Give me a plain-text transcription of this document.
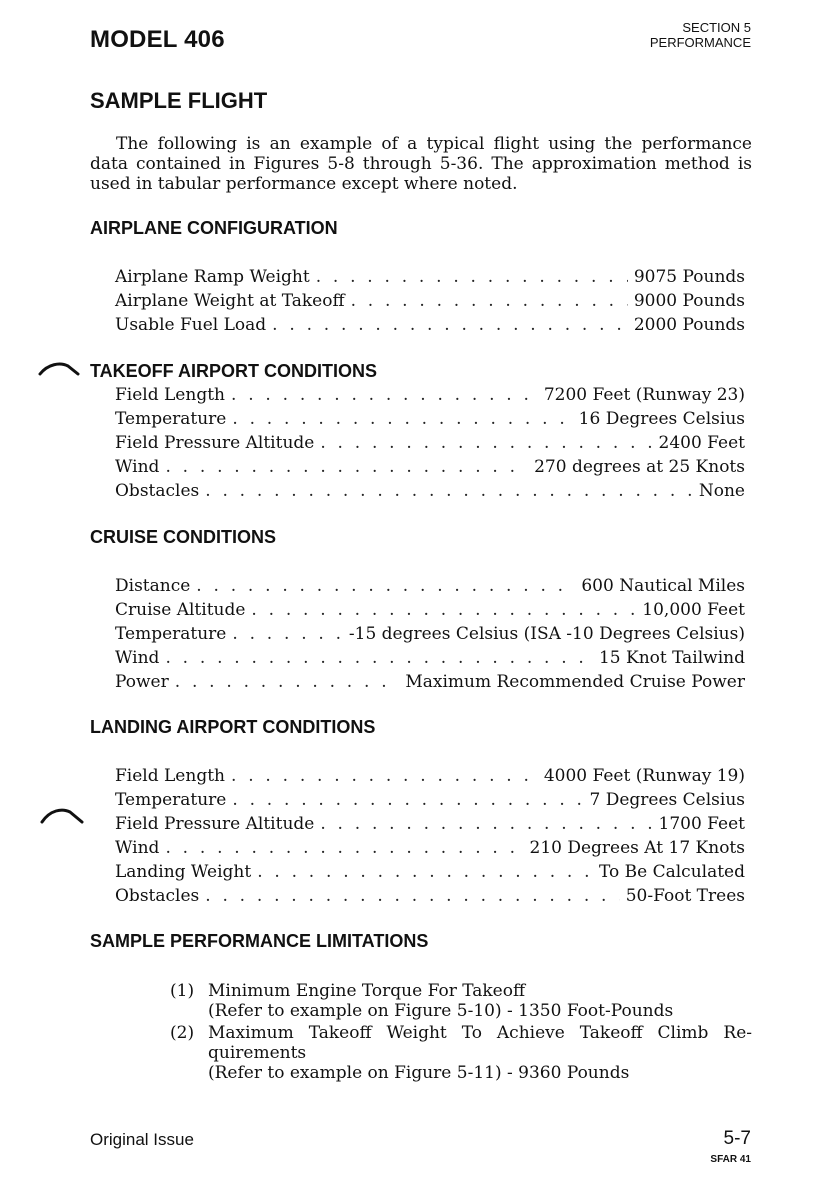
MODEL 406	SECTION 5
PERFORMANCE
SAMPLE FLIGHT
The following is an example of a typical flight using the performance data contained in Figures 5-8 through 5-36. The approximation method is used in tabular performance except where noted.
AIRPLANE CONFIGURATION
Airplane Ramp Weight . . .	9075 Pounds
Airplane Weight at Takeoff . . .	9000 Pounds
Usable Fuel Load . . .	2000 Pounds
TAKEOFF AIRPORT CONDITIONS
Field Length . . .	7200 Feet (Runway 23)
Temperature . . .	16 Degrees Celsius
Field Pressure Altitude . . .	2400 Feet
Wind . . .	270 degrees at 25 Knots
Obstacles . . .	None
CRUISE CONDITIONS
Distance . . .	600 Nautical Miles
Cruise Altitude . . .	10,000 Feet
Temperature . . .	-15 degrees Celsius (ISA -10 Degrees Celsius)
Wind . . .	15 Knot Tailwind
Power . . .	Maximum Recommended Cruise Power
LANDING AIRPORT CONDITIONS
Field Length . . .	4000 Feet (Runway 19)
Temperature . . .	7 Degrees Celsius
Field Pressure Altitude . . .	1700 Feet
Wind . . .	210 Degrees At 17 Knots
Landing Weight . . .	To Be Calculated
Obstacles . . .	50-Foot Trees
SAMPLE PERFORMANCE LIMITATIONS
(1) Minimum Engine Torque For Takeoff
(Refer to example on Figure 5-10) - 1350 Foot-Pounds
(2) Maximum Takeoff Weight To Achieve Takeoff Climb Re- quirements
(Refer to example on Figure 5-11) - 9360 Pounds
Original Issue	5-7
SFAR 41
